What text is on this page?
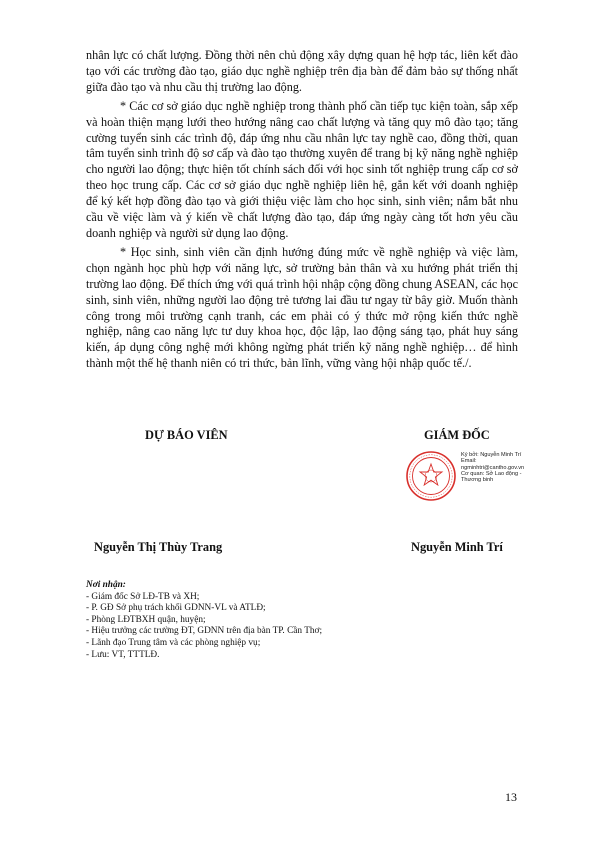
nhân lực có chất lượng. Đồng thời nên chủ động xây dựng quan hệ hợp tác, liên kết đào tạo với các trường đào tạo, giáo dục nghề nghiệp trên địa bàn để đảm bảo sự thống nhất giữa đào tạo và nhu cầu thị trường lao động.

* Các cơ sở giáo dục nghề nghiệp trong thành phố cần tiếp tục kiện toàn, sắp xếp và hoàn thiện mạng lưới theo hướng nâng cao chất lượng và tăng quy mô đào tạo; tăng cường tuyển sinh các trình độ, đáp ứng nhu cầu nhân lực tay nghề cao, đồng thời, quan tâm tuyển sinh trình độ sơ cấp và đào tạo thường xuyên để trang bị kỹ năng nghề nghiệp cho người lao động; thực hiện tốt chính sách đối với học sinh tốt nghiệp trung cấp cơ sở theo học trung cấp. Các cơ sở giáo dục nghề nghiệp liên hệ, gắn kết với doanh nghiệp để ký kết hợp đồng đào tạo và giới thiệu việc làm cho học sinh, sinh viên; nắm bắt nhu cầu về việc làm và ý kiến về chất lượng đào tạo, đáp ứng ngày càng tốt hơn yêu cầu doanh nghiệp và người sử dụng lao động.

* Học sinh, sinh viên cần định hướng đúng mức về nghề nghiệp và việc làm, chọn ngành học phù hợp với năng lực, sở trường bản thân và xu hướng phát triển thị trường lao động. Để thích ứng với quá trình hội nhập cộng đồng chung ASEAN, các học sinh, sinh viên, những người lao động trẻ tương lai đầu tư ngay từ bây giờ. Muốn thành công trong môi trường cạnh tranh, các em phải có ý thức mở rộng kiến thức nghề nghiệp, nâng cao năng lực tư duy khoa học, độc lập, lao động sáng tạo, phát huy sáng kiến, áp dụng công nghệ mới không ngừng phát triển kỹ năng nghề nghiệp… để hình thành một thế hệ thanh niên có tri thức, bản lĩnh, vững vàng hội nhập quốc tế./.

DỰ BÁO VIÊN	GIÁM ĐỐC
Ký bởi: Nguyễn Minh Trí
Email: ngminhtri@cantho.gov.vn
Cơ quan: Sở Lao động - Thương binh
Nguyễn Thị Thùy Trang	Nguyễn Minh Trí
Nơi nhận:
- Giám đốc Sở LĐ-TB và XH;
- P. GĐ Sở phụ trách khối GDNN-VL và ATLĐ;
- Phòng LĐTBXH quận, huyện;
- Hiệu trưởng các trường ĐT, GDNN trên địa bàn TP. Cần Thơ;
- Lãnh đạo Trung tâm và các phòng nghiệp vụ;
- Lưu: VT, TTTLĐ.
13
